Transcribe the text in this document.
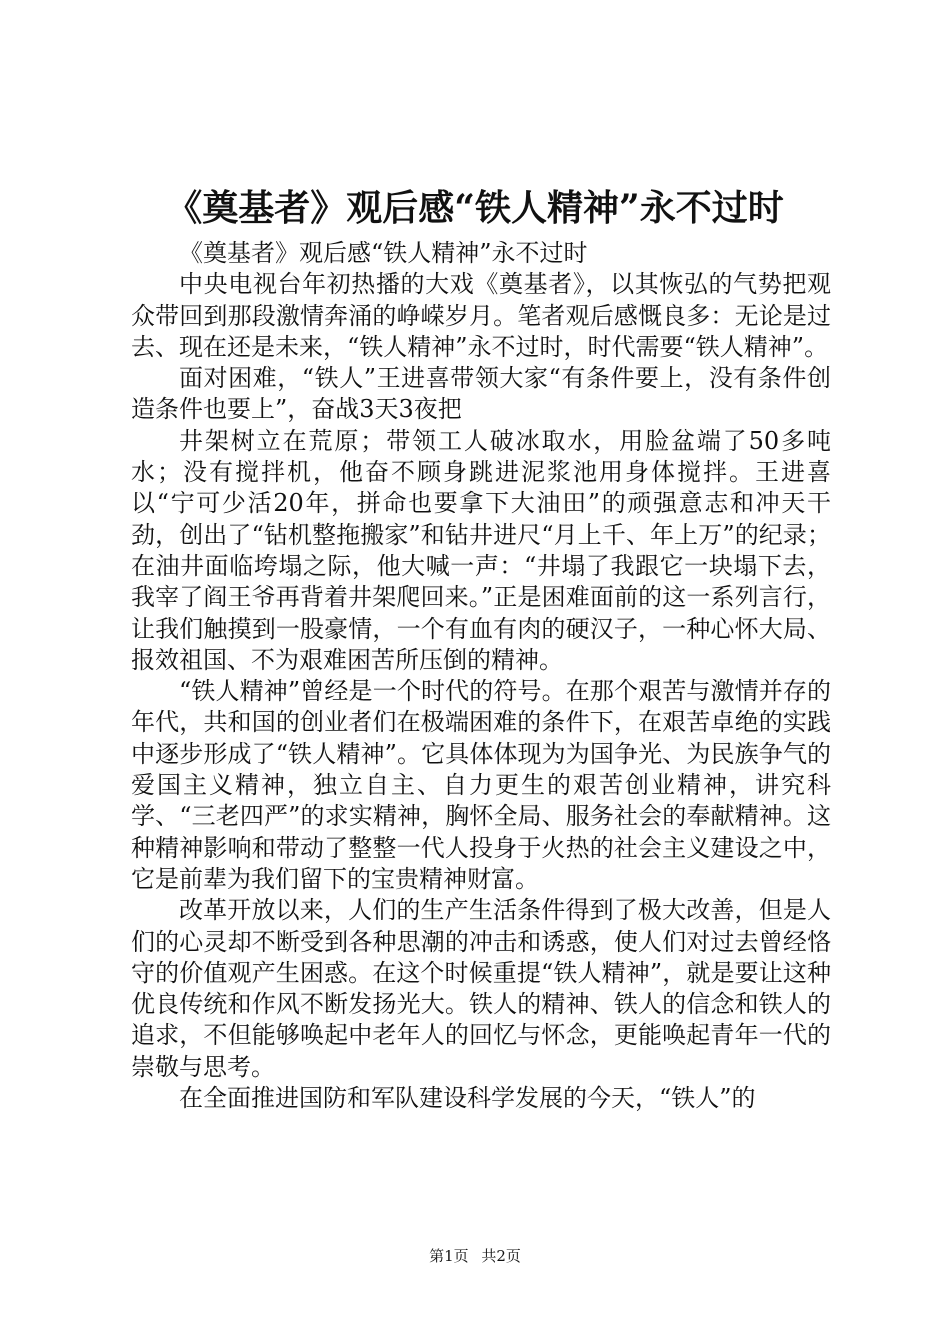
《奠基者》观后感“铁人精神”永不过时

《奠基者》观后感“铁人精神”永不过时

中央电视台年初热播的大戏《奠基者》，以其恢弘的气势把观众带回到那段激情奔涌的峥嵘岁月。笔者观后感慨良多：无论是过去、现在还是未来，“铁人精神”永不过时，时代需要“铁人精神”。

面对困难，“铁人”王进喜带领大家“有条件要上，没有条件创造条件也要上”，奋战3天3夜把

井架树立在荒原；带领工人破冰取水，用脸盆端了50多吨水；没有搅拌机，他奋不顾身跳进泥浆池用身体搅拌。王进喜以“宁可少活20年，拼命也要拿下大油田”的顽强意志和冲天干劲，创出了“钻机整拖搬家”和钻井进尺“月上千、年上万”的纪录；在油井面临垮塌之际，他大喊一声：“井塌了我跟它一块塌下去，我宰了阎王爷再背着井架爬回来。”正是困难面前的这一系列言行，让我们触摸到一股豪情，一个有血有肉的硬汉子，一种心怀大局、报效祖国、不为艰难困苦所压倒的精神。

“铁人精神”曾经是一个时代的符号。在那个艰苦与激情并存的年代，共和国的创业者们在极端困难的条件下，在艰苦卓绝的实践中逐步形成了“铁人精神”。它具体体现为为国争光、为民族争气的爱国主义精神，独立自主、自力更生的艰苦创业精神，讲究科学、“三老四严”的求实精神，胸怀全局、服务社会的奉献精神。这种精神影响和带动了整整一代人投身于火热的社会主义建设之中，它是前辈为我们留下的宝贵精神财富。

改革开放以来，人们的生产生活条件得到了极大改善，但是人们的心灵却不断受到各种思潮的冲击和诱惑，使人们对过去曾经恪守的价值观产生困惑。在这个时候重提“铁人精神”，就是要让这种优良传统和作风不断发扬光大。铁人的精神、铁人的信念和铁人的追求，不但能够唤起中老年人的回忆与怀念，更能唤起青年一代的崇敬与思考。

在全面推进国防和军队建设科学发展的今天，“铁人”的

第1页 共2页
